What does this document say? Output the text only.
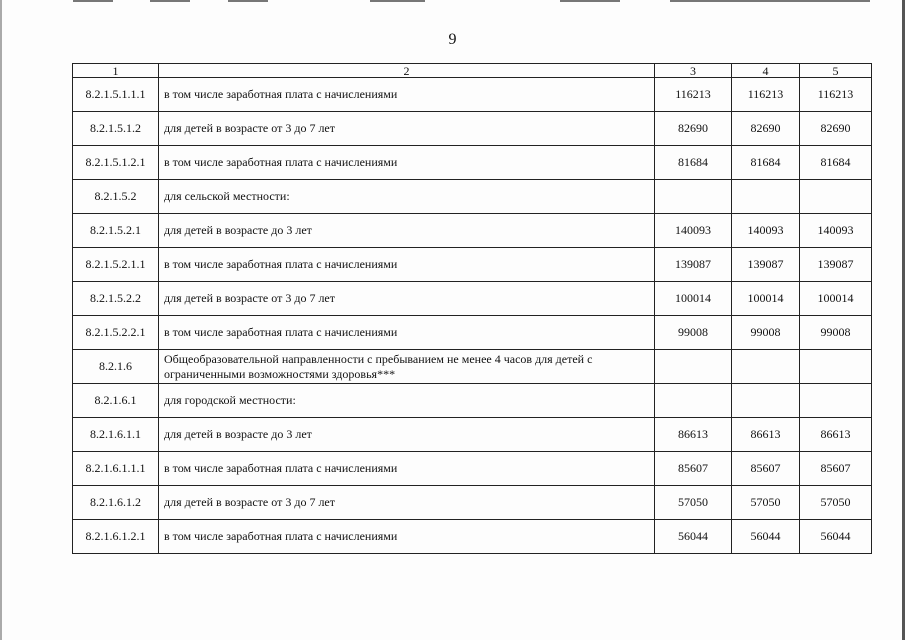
9
1	2	3	4	5
8.2.1.5.1.1.1	в том числе заработная плата с начислениями	116213	116213	116213
8.2.1.5.1.2	для детей в возрасте от 3 до 7 лет	82690	82690	82690
8.2.1.5.1.2.1	в том числе заработная плата с начислениями	81684	81684	81684
8.2.1.5.2	для сельской местности:			
8.2.1.5.2.1	для детей в возрасте до 3 лет	140093	140093	140093
8.2.1.5.2.1.1	в том числе заработная плата с начислениями	139087	139087	139087
8.2.1.5.2.2	для детей в возрасте от 3 до 7 лет	100014	100014	100014
8.2.1.5.2.2.1	в том числе заработная плата с начислениями	99008	99008	99008
8.2.1.6	Общеобразовательной направленности с пребыванием не менее 4 часов для детей с ограниченными возможностями здоровья***			
8.2.1.6.1	для городской местности:			
8.2.1.6.1.1	для детей в возрасте до 3 лет	86613	86613	86613
8.2.1.6.1.1.1	в том числе заработная плата с начислениями	85607	85607	85607
8.2.1.6.1.2	для детей в возрасте от 3 до 7 лет	57050	57050	57050
8.2.1.6.1.2.1	в том числе заработная плата с начислениями	56044	56044	56044
